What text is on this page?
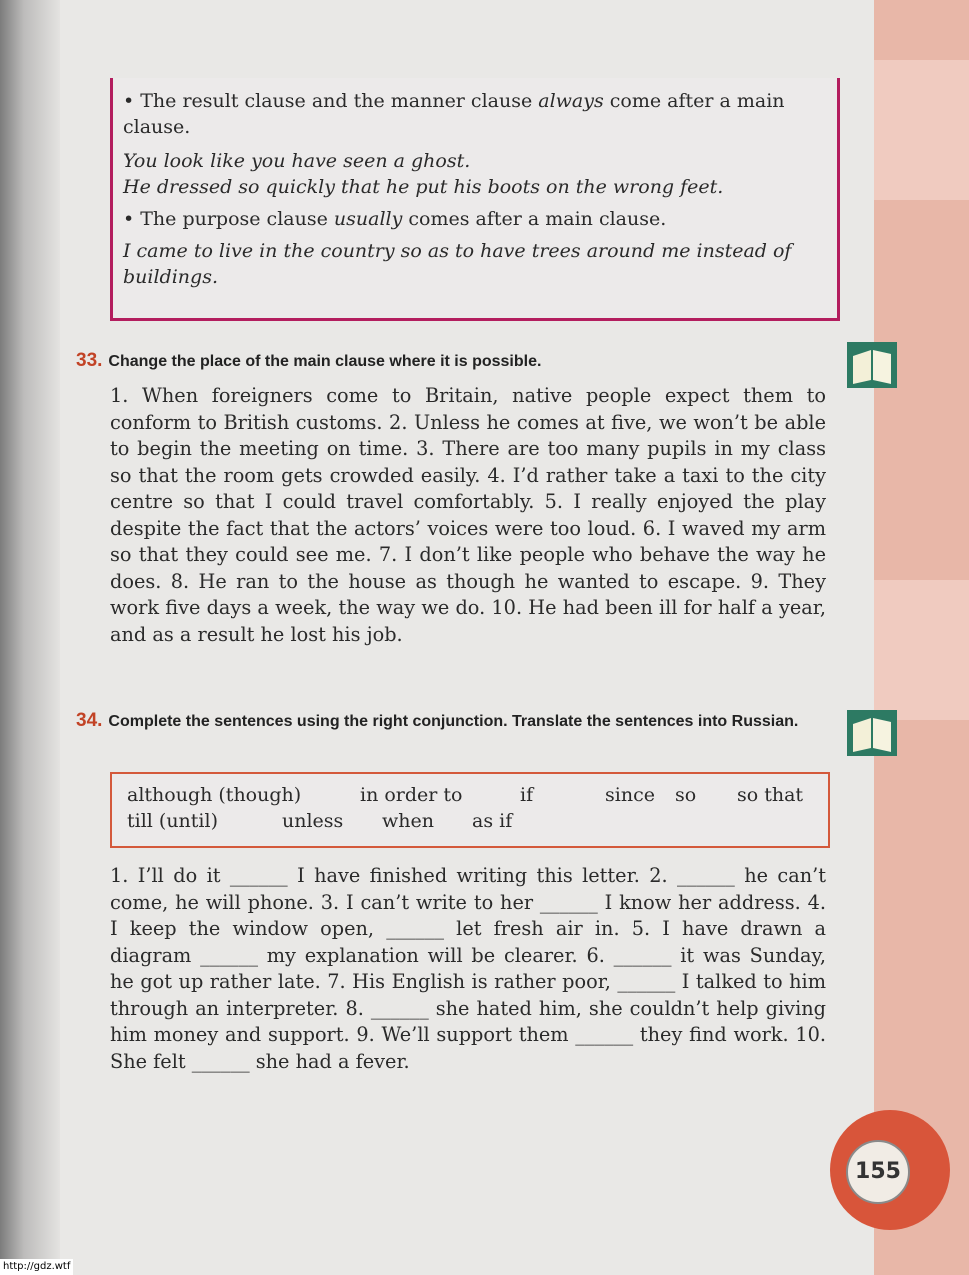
• The result clause and the manner clause always come after a main clause.

You look like you have seen a ghost.

He dressed so quickly that he put his boots on the wrong feet.

• The purpose clause usually comes after a main clause.

I came to live in the country so as to have trees around me instead of buildings.

33. Change the place of the main clause where it is possible.

1. When foreigners come to Britain, native people expect them to conform to British customs. 2. Unless he comes at five, we won’t be able to begin the meeting on time. 3. There are too many pupils in my class so that the room gets crowded easily. 4. I’d rather take a taxi to the city centre so that I could travel comfortably. 5. I really enjoyed the play despite the fact that the actors’ voices were too loud. 6. I waved my arm so that they could see me. 7. I don’t like people who behave the way he does. 8. He ran to the house as though he wanted to escape. 9. They work five days a week, the way we do. 10. He had been ill for half a year, and as a result he lost his job.

34. Complete the sentences using the right conjunction. Translate the sentences into Russian.
although (though)	in order to	if	since so so that
till (until)	unless when as if

1. I’ll do it ______ I have finished writing this letter. 2. ______ he can’t come, he will phone. 3. I can’t write to her ______ I know her address. 4. I keep the window open, ______ let fresh air in. 5. I have drawn a diagram ______ my explanation will be clearer. 6. ______ it was Sunday, he got up rather late. 7. His English is rather poor, ______ I talked to him through an interpreter. 8. ______ she hated him, she couldn’t help giving him money and support. 9. We’ll support them ______ they find work. 10. She felt ______ she had a fever.

155
http://gdz.wtf
